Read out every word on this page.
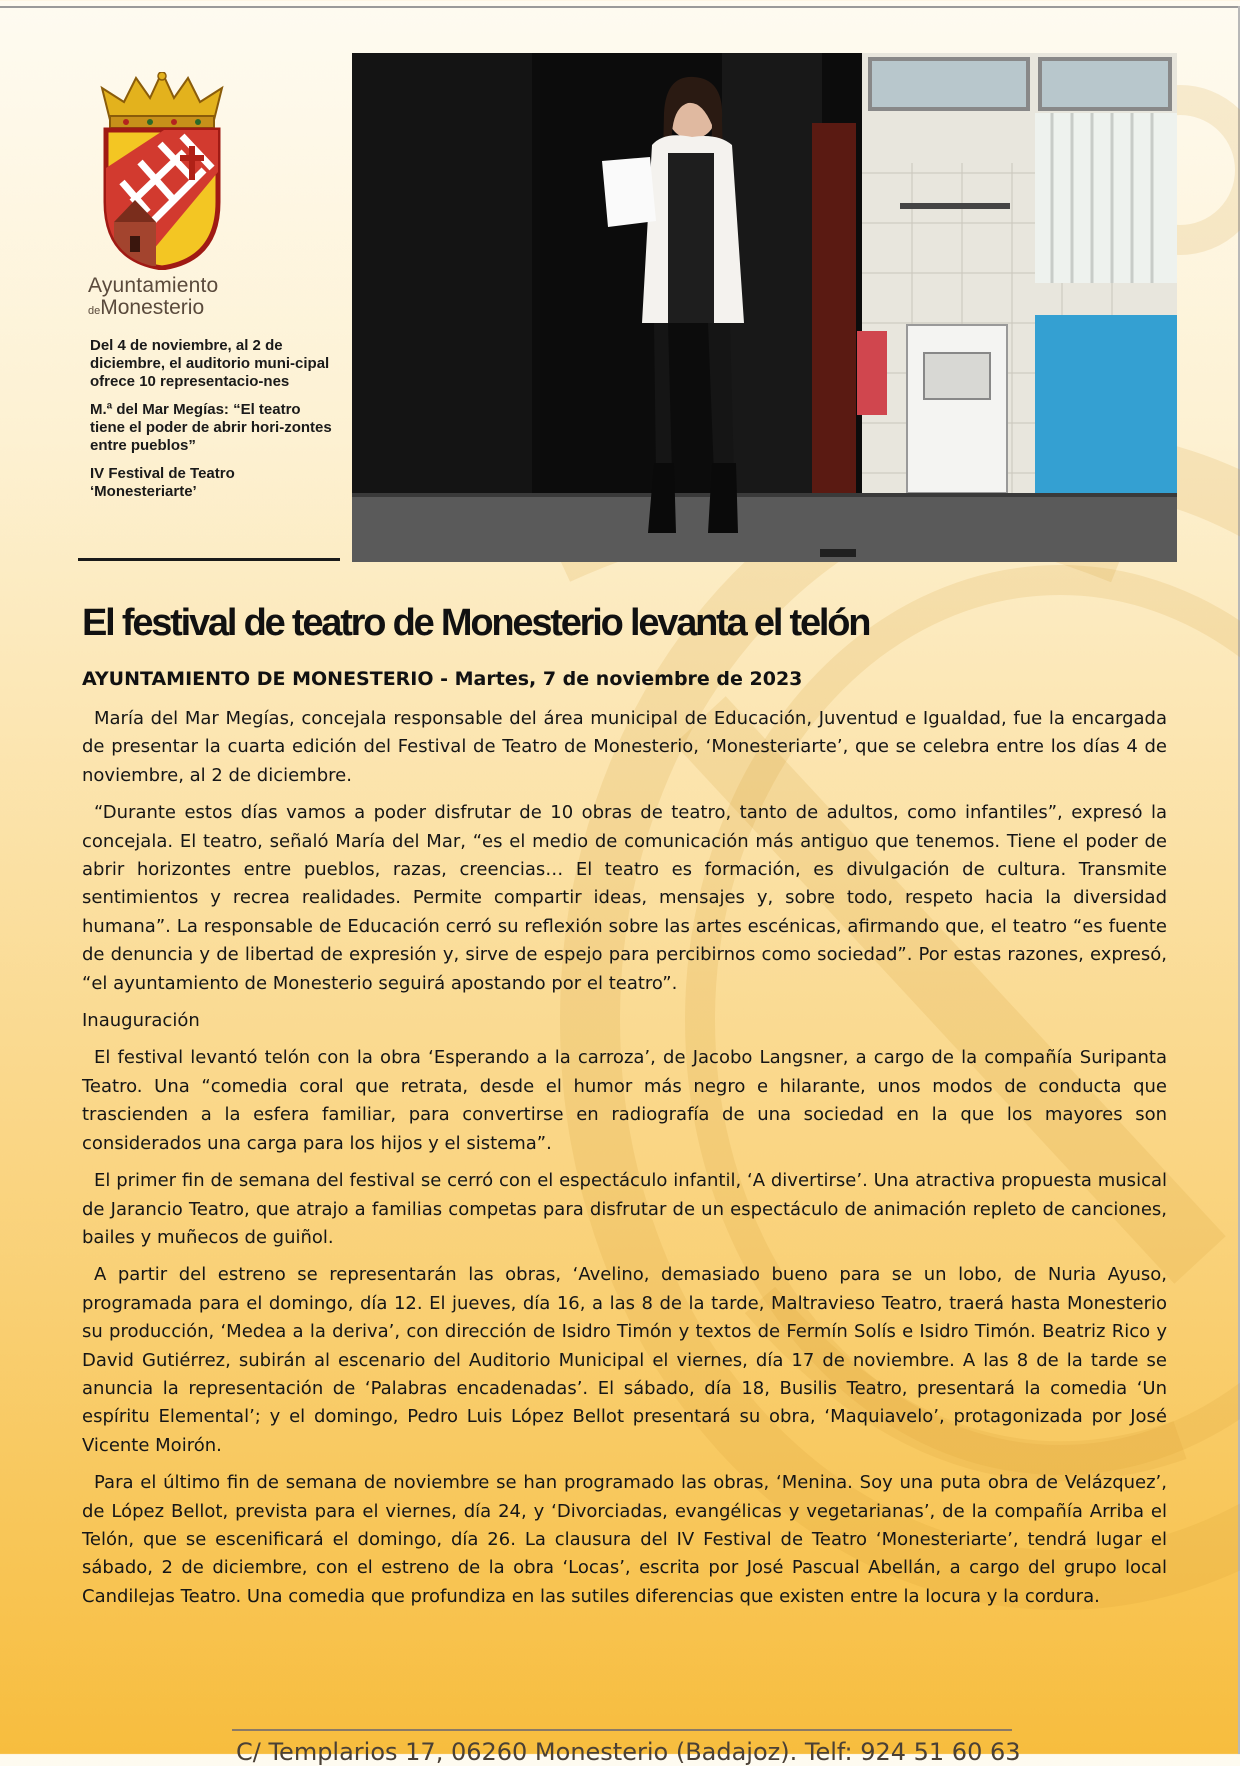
Ayuntamiento
deMonesterio

Del 4 de noviembre, al 2 de diciembre, el auditorio muni-cipal ofrece 10 representacio-nes

M.ª del Mar Megías: “El teatro tiene el poder de abrir hori-zontes entre pueblos”

IV Festival de Teatro ‘Monesteriarte’

El festival de teatro de Monesterio levanta el telón

AYUNTAMIENTO DE MONESTERIO - Martes, 7 de noviembre de 2023

María del Mar Megías, concejala responsable del área municipal de Educación, Juventud e Igualdad, fue la encargada de presentar la cuarta edición del Festival de Teatro de Monesterio, ‘Monesteriarte’, que se celebra entre los días 4 de noviembre, al 2 de diciembre.

“Durante estos días vamos a poder disfrutar de 10 obras de teatro, tanto de adultos, como infantiles”, expresó la concejala. El teatro, señaló María del Mar, “es el medio de comunicación más antiguo que tenemos. Tiene el poder de abrir horizontes entre pueblos, razas, creencias… El teatro es formación, es divulgación de cultura. Transmite sentimientos y recrea realidades. Permite compartir ideas, mensajes y, sobre todo, respeto hacia la diversidad humana”. La responsable de Educación cerró su reflexión sobre las artes escénicas, afirmando que, el teatro “es fuente de denuncia y de libertad de expresión y, sirve de espejo para percibirnos como sociedad”. Por estas razones, expresó, “el ayuntamiento de Monesterio seguirá apostando por el teatro”.

Inauguración

El festival levantó telón con la obra ‘Esperando a la carroza’, de Jacobo Langsner, a cargo de la compañía Suripanta Teatro. Una “comedia coral que retrata, desde el humor más negro e hilarante, unos modos de conducta que trascienden a la esfera familiar, para convertirse en radiografía de una sociedad en la que los mayores son considerados una carga para los hijos y el sistema”.

El primer fin de semana del festival se cerró con el espectáculo infantil, ‘A divertirse’. Una atractiva propuesta musical de Jarancio Teatro, que atrajo a familias competas para disfrutar de un espectáculo de animación repleto de canciones, bailes y muñecos de guiñol.

A partir del estreno se representarán las obras, ‘Avelino, demasiado bueno para se un lobo, de Nuria Ayuso, programada para el domingo, día 12. El jueves, día 16, a las 8 de la tarde, Maltravieso Teatro, traerá hasta Monesterio su producción, ‘Medea a la deriva’, con dirección de Isidro Timón y textos de Fermín Solís e Isidro Timón. Beatriz Rico y David Gutiérrez, subirán al escenario del Auditorio Municipal el viernes, día 17 de noviembre. A las 8 de la tarde se anuncia la representación de ‘Palabras encadenadas’. El sábado, día 18, Busilis Teatro, presentará la comedia ‘Un espíritu Elemental’; y el domingo, Pedro Luis López Bellot presentará su obra, ‘Maquiavelo’, protagonizada por José Vicente Moirón.

Para el último fin de semana de noviembre se han programado las obras, ‘Menina. Soy una puta obra de Velázquez’, de López Bellot, prevista para el viernes, día 24, y ‘Divorciadas, evangélicas y vegetarianas’, de la compañía Arriba el Telón, que se escenificará el domingo, día 26. La clausura del IV Festival de Teatro ‘Monesteriarte’, tendrá lugar el sábado, 2 de diciembre, con el estreno de la obra ‘Locas’, escrita por José Pascual Abellán, a cargo del grupo local Candilejas Teatro. Una comedia que profundiza en las sutiles diferencias que existen entre la locura y la cordura.

C/ Templarios 17, 06260 Monesterio (Badajoz). Telf: 924 51 60 63
